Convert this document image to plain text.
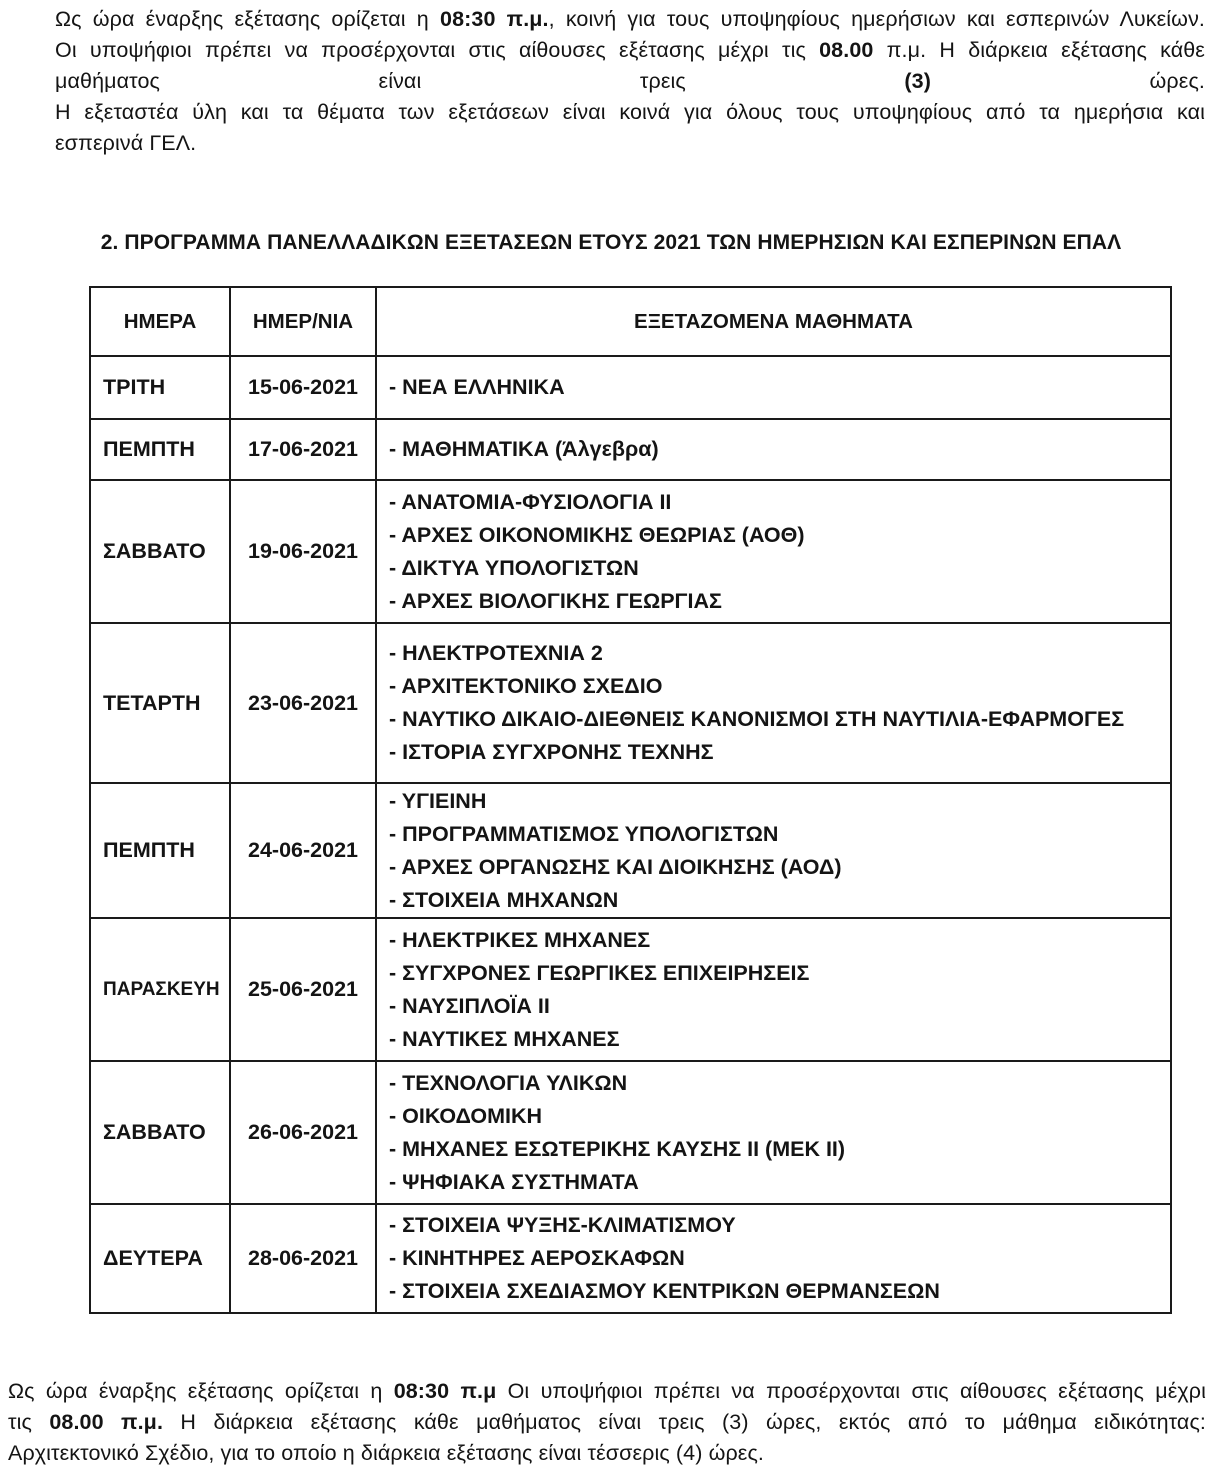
Ως ώρα έναρξης εξέτασης ορίζεται η 08:30 π.μ., κοινή για τους υποψηφίους ημερήσιων και εσπερινών Λυκείων.
Οι υποψήφιοι πρέπει να προσέρχονται στις αίθουσες εξέτασης μέχρι τις 08.00 π.μ. Η διάρκεια εξέτασης κάθε
μαθήματος είναι τρεις (3) ώρες.
Η εξεταστέα ύλη και τα θέματα των εξετάσεων είναι κοινά για όλους τους υποψηφίους από τα ημερήσια και
εσπερινά ΓΕΛ.
2. ΠΡΟΓΡΑΜΜΑ ΠΑΝΕΛΛΑΔΙΚΩΝ ΕΞΕΤΑΣΕΩΝ ΕΤΟΥΣ 2021 ΤΩΝ ΗΜΕΡΗΣΙΩΝ ΚΑΙ ΕΣΠΕΡΙΝΩΝ ΕΠΑΛ
ΗΜΕΡΑ	ΗΜΕΡ/ΝΙΑ	ΕΞΕΤΑΖΟΜΕΝΑ ΜΑΘΗΜΑΤΑ
ΤΡΙΤΗ	15-06-2021	- ΝΕΑ ΕΛΛΗΝΙΚΑ

ΠΕΜΠΤΗ	17-06-2021	- ΜΑΘΗΜΑΤΙΚΑ (Άλγεβρα)

ΣΑΒΒΑΤΟ	19-06-2021	- ΑΝΑΤΟΜΙΑ-ΦΥΣΙΟΛΟΓΙΑ ΙΙ
- ΑΡΧΕΣ ΟΙΚΟΝΟΜΙΚΗΣ ΘΕΩΡΙΑΣ (ΑΟΘ)
- ΔΙΚΤΥΑ ΥΠΟΛΟΓΙΣΤΩΝ
- ΑΡΧΕΣ ΒΙΟΛΟΓΙΚΗΣ ΓΕΩΡΓΙΑΣ

ΤΕΤΑΡΤΗ	23-06-2021	- ΗΛΕΚΤΡΟΤΕΧΝΙΑ 2
- ΑΡΧΙΤΕΚΤΟΝΙΚΟ ΣΧΕΔΙΟ
- ΝΑΥΤΙΚΟ ΔΙΚΑΙΟ-ΔΙΕΘΝΕΙΣ ΚΑΝΟΝΙΣΜΟΙ ΣΤΗ ΝΑΥΤΙΛΙΑ-ΕΦΑΡΜΟΓΕΣ
- ΙΣΤΟΡΙΑ ΣΥΓΧΡΟΝΗΣ ΤΕΧΝΗΣ

ΠΕΜΠΤΗ	24-06-2021	- ΥΓΙΕΙΝΗ
- ΠΡΟΓΡΑΜΜΑΤΙΣΜΟΣ ΥΠΟΛΟΓΙΣΤΩΝ
- ΑΡΧΕΣ ΟΡΓΑΝΩΣΗΣ ΚΑΙ ΔΙΟΙΚΗΣΗΣ (ΑΟΔ)
- ΣΤΟΙΧΕΙΑ ΜΗΧΑΝΩΝ

ΠΑΡΑΣΚΕΥΗ	25-06-2021	- ΗΛΕΚΤΡΙΚΕΣ ΜΗΧΑΝΕΣ
- ΣΥΓΧΡΟΝΕΣ ΓΕΩΡΓΙΚΕΣ ΕΠΙΧΕΙΡΗΣΕΙΣ
- ΝΑΥΣΙΠΛΟΪΑ ΙΙ
- ΝΑΥΤΙΚΕΣ ΜΗΧΑΝΕΣ

ΣΑΒΒΑΤΟ	26-06-2021	- ΤΕΧΝΟΛΟΓΙΑ ΥΛΙΚΩΝ
- ΟΙΚΟΔΟΜΙΚΗ
- ΜΗΧΑΝΕΣ ΕΣΩΤΕΡΙΚΗΣ ΚΑΥΣΗΣ ΙΙ (ΜΕΚ ΙΙ)
- ΨΗΦΙΑΚΑ ΣΥΣΤΗΜΑΤΑ

ΔΕΥΤΕΡΑ	28-06-2021	- ΣΤΟΙΧΕΙΑ ΨΥΞΗΣ-ΚΛΙΜΑΤΙΣΜΟΥ
- ΚΙΝΗΤΗΡΕΣ ΑΕΡΟΣΚΑΦΩΝ
- ΣΤΟΙΧΕΙΑ ΣΧΕΔΙΑΣΜΟΥ ΚΕΝΤΡΙΚΩΝ ΘΕΡΜΑΝΣΕΩΝ
Ως ώρα έναρξης εξέτασης ορίζεται η 08:30 π.μ Οι υποψήφιοι πρέπει να προσέρχονται στις αίθουσες εξέτασης μέχρι
τις 08.00 π.μ. Η διάρκεια εξέτασης κάθε μαθήματος είναι τρεις (3) ώρες, εκτός από το μάθημα ειδικότητας:
Αρχιτεκτονικό Σχέδιο, για το οποίο η διάρκεια εξέτασης είναι τέσσερις (4) ώρες.
